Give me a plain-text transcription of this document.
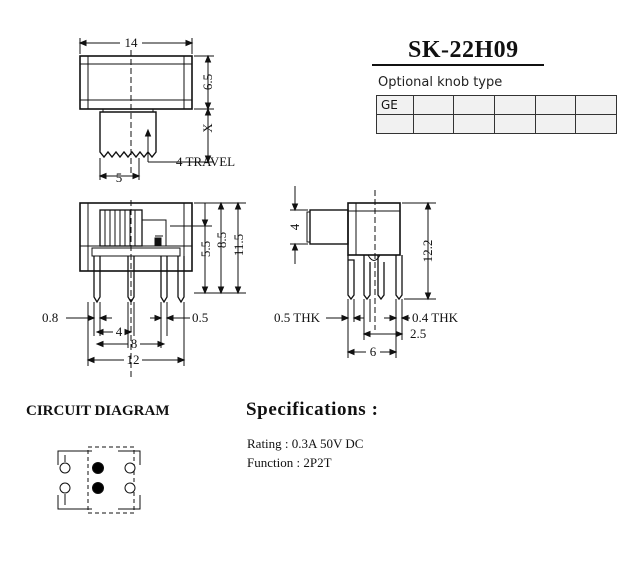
14
6.5
X
4 TRAVEL
5
5.5
8.5 11.5
0.8
4
0.5
8
12
4
12.2
0.5 THK	0.4 THK
2.5
6
SK-22H09
Optional knob type
GE					

CIRCUIT DIAGRAM	Specifications :
Rating : 0.3A 50V DC
Function : 2P2T
